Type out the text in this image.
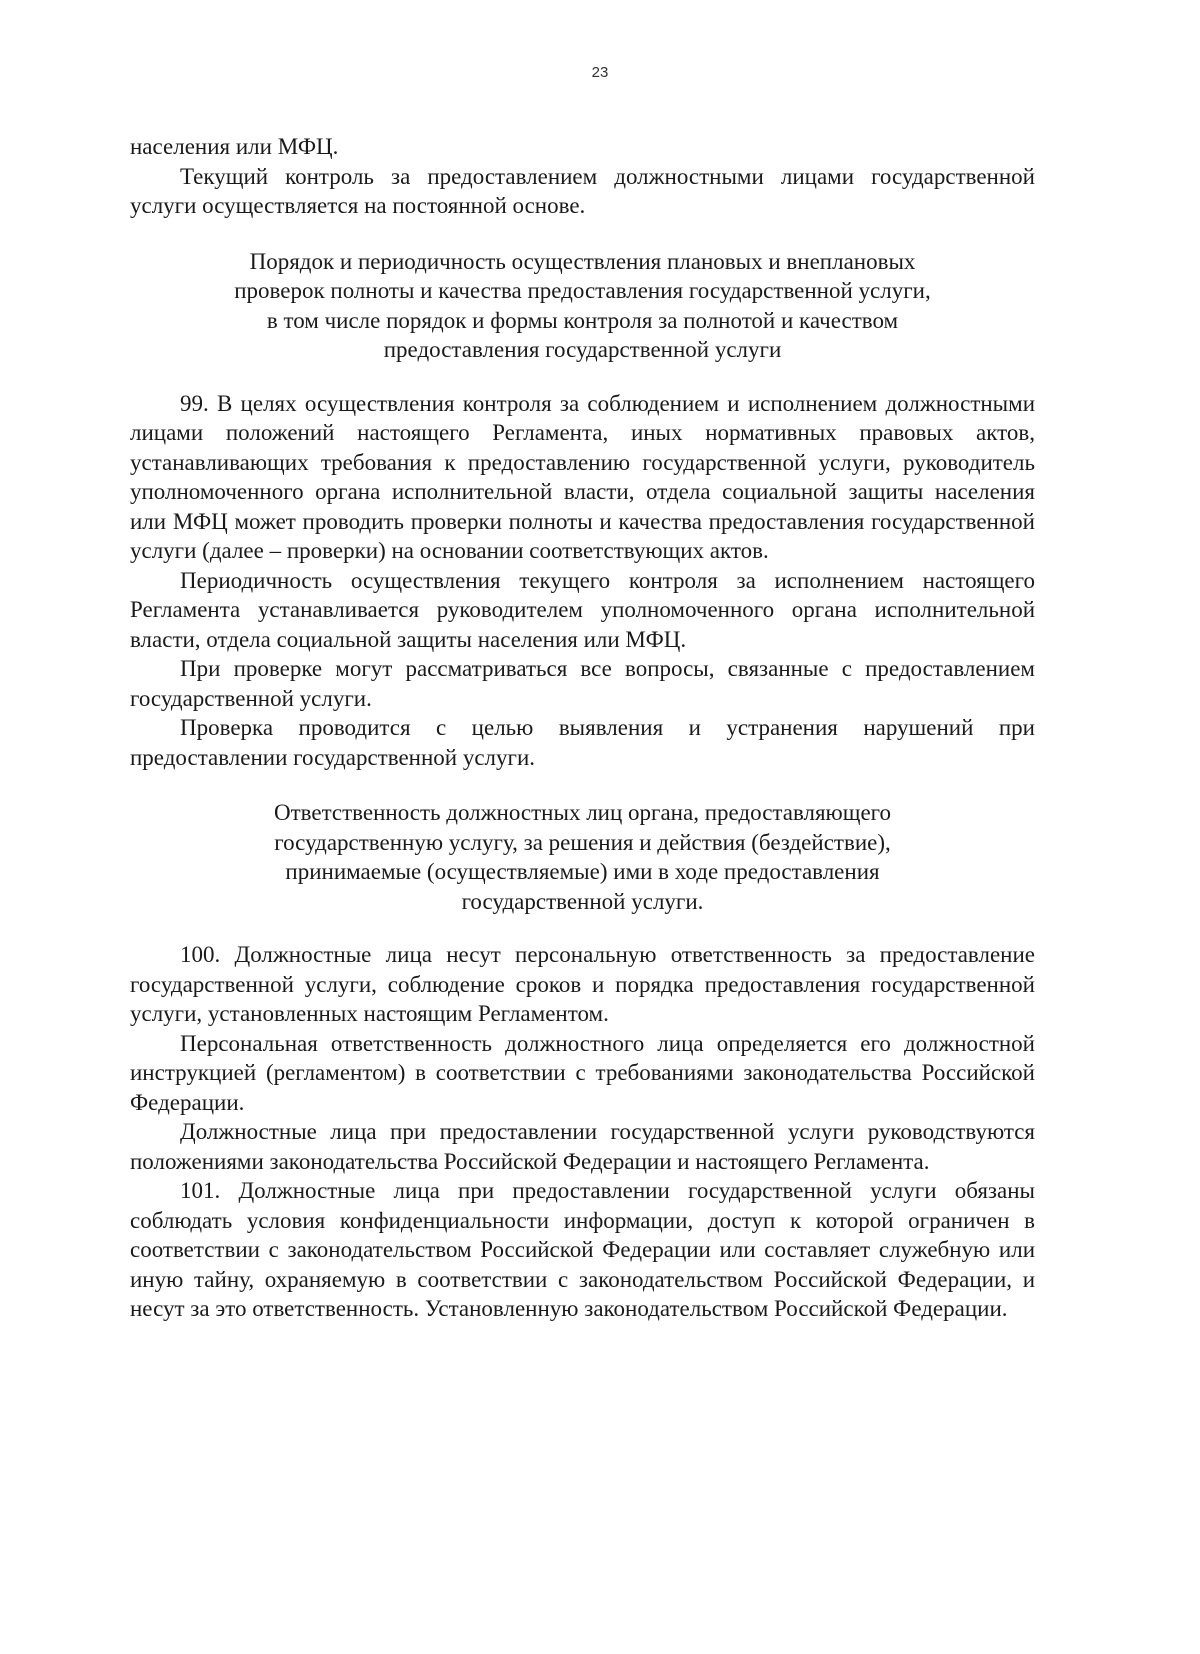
23

населения или МФЦ.

Текущий контроль за предоставлением должностными лицами государственной услуги осуществляется на постоянной основе.

Порядок и периодичность осуществления плановых и внеплановых проверок полноты и качества предоставления государственной услуги, в том числе порядок и формы контроля за полнотой и качеством предоставления государственной услуги

99. В целях осуществления контроля за соблюдением и исполнением должностными лицами положений настоящего Регламента, иных нормативных правовых актов, устанавливающих требования к предоставлению государственной услуги, руководитель уполномоченного органа исполнительной власти, отдела социальной защиты населения или МФЦ может проводить проверки полноты и качества предоставления государственной услуги (далее – проверки) на основании соответствующих актов.

Периодичность осуществления текущего контроля за исполнением настоящего Регламента устанавливается руководителем уполномоченного органа исполнительной власти, отдела социальной защиты населения или МФЦ.

При проверке могут рассматриваться все вопросы, связанные с предоставлением государственной услуги.

Проверка проводится с целью выявления и устранения нарушений при предоставлении государственной услуги.

Ответственность должностных лиц органа, предоставляющего государственную услугу, за решения и действия (бездействие), принимаемые (осуществляемые) ими в ходе предоставления государственной услуги.

100. Должностные лица несут персональную ответственность за предоставление государственной услуги, соблюдение сроков и порядка предоставления государственной услуги, установленных настоящим Регламентом.

Персональная ответственность должностного лица определяется его должностной инструкцией (регламентом) в соответствии с требованиями законодательства Российской Федерации.

Должностные лица при предоставлении государственной услуги руководствуются положениями законодательства Российской Федерации и настоящего Регламента.

101. Должностные лица при предоставлении государственной услуги обязаны соблюдать условия конфиденциальности информации, доступ к которой ограничен в соответствии с законодательством Российской Федерации или составляет служебную или иную тайну, охраняемую в соответствии с законодательством Российской Федерации, и несут за это ответственность. Установленную законодательством Российской Федерации.
